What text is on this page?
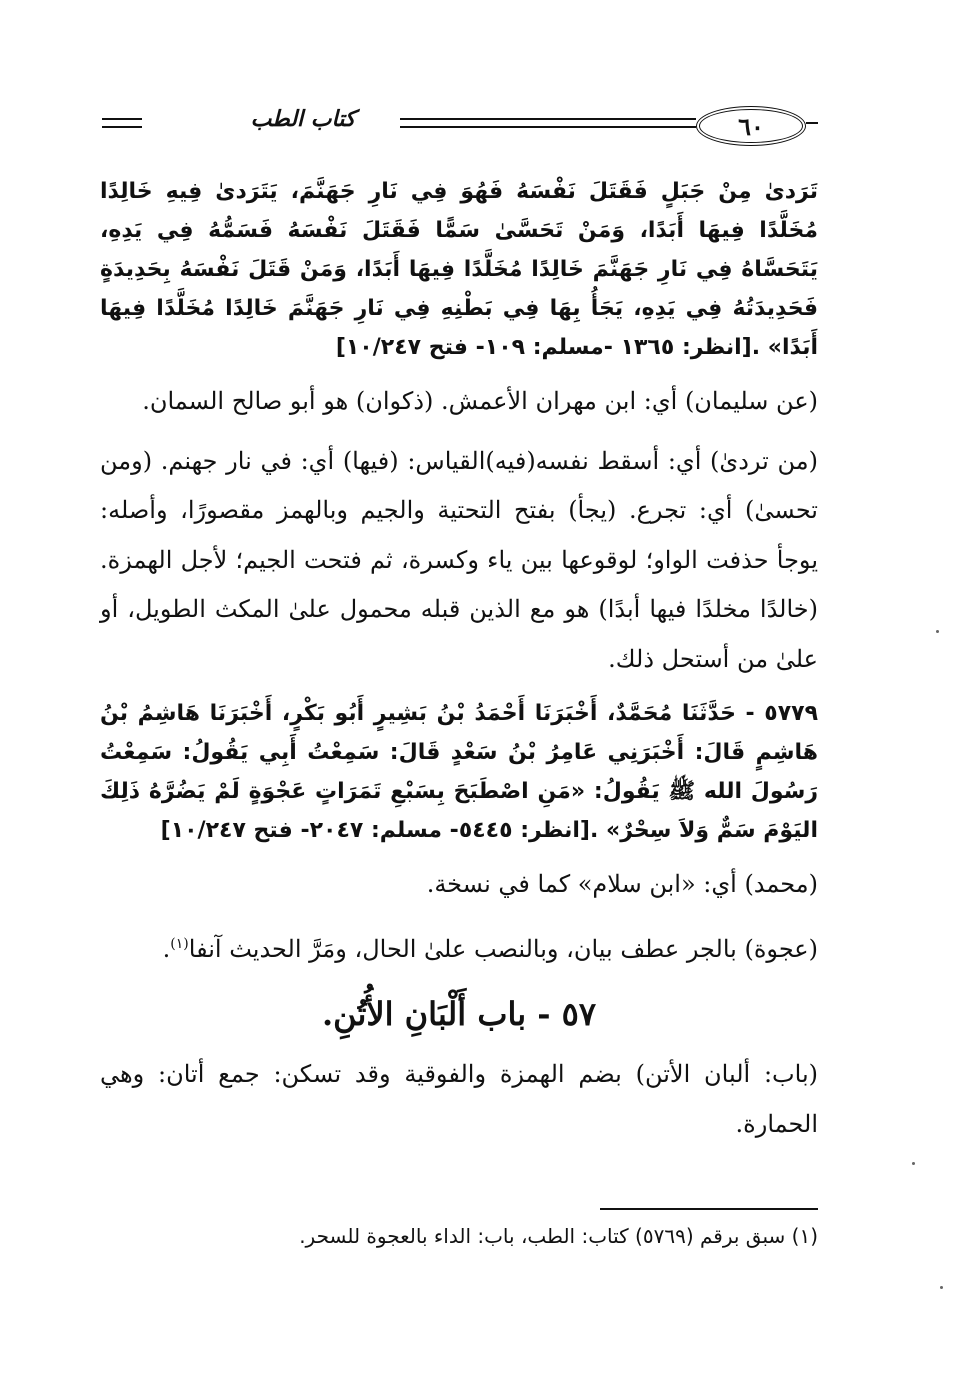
كتاب الطب	٦٠

تَرَدىٰ مِنْ جَبَلٍ فَقَتَلَ نَفْسَهُ فَهُوَ فِي نَارِ جَهَنَّمَ، يَتَرَدىٰ فِيهِ خَالِدًا مُخَلَّدًا فِيهَا أَبَدًا، وَمَنْ تَحَسَّىٰ سَمًّا فَقَتَلَ نَفْسَهُ فَسَمُّهُ فِي يَدِهِ، يَتَحَسَّاهُ فِي نَارِ جَهَنَّمَ خَالِدًا مُخَلَّدًا فِيهَا أَبَدًا، وَمَنْ قَتَلَ نَفْسَهُ بِحَدِيدَةٍ فَحَدِيدَتُهُ فِي يَدِهِ، يَجَأُ بِهَا فِي بَطْنِهِ فِي نَارِ جَهَنَّمَ خَالِدًا مُخَلَّدًا فِيهَا أَبَدًا» .[انظر: ١٣٦٥ -مسلم: ١٠٩- فتح ١٠/٢٤٧]

(عن سليمان) أي: ابن مهران الأعمش. (ذكوان) هو أبو صالح السمان.

(من تردىٰ) أي: أسقط نفسه(فيه)القياس: (فيها) أي: في نار جهنم. (ومن تحسىٰ) أي: تجرع. (يجأ) بفتح التحتية والجيم وبالهمز مقصورًا، وأصله: يوجأ حذفت الواو؛ لوقوعها بين ياء وكسرة، ثم فتحت الجيم؛ لأجل الهمزة. (خالدًا مخلدًا فيها أبدًا) هو مع الذين قبله محمول علىٰ المكث الطويل، أو علىٰ من أستحل ذلك.

٥٧٧٩ - حَدَّثَنَا مُحَمَّدٌ، أَخْبَرَنَا أَحْمَدُ بْنُ بَشِيرٍ أَبُو بَكْرٍ، أَخْبَرَنَا هَاشِمُ بْنُ هَاشِمٍ قَالَ: أَخْبَرَنِي عَامِرُ بْنُ سَعْدٍ قَالَ: سَمِعْتُ أَبِي يَقُولُ: سَمِعْتُ رَسُولَ الله ﷺ يَقُولُ: «مَنِ اصْطَبَحَ بِسَبْعِ تَمَرَاتٍ عَجْوَةٍ لَمْ يَضُرَّهُ ذَلِكَ اليَوْمَ سَمٌّ وَلاَ سِحْرٌ» .[انظر: ٥٤٤٥- مسلم: ٢٠٤٧- فتح ١٠/٢٤٧]

(محمد) أي: «ابن سلام» كما في نسخة.

(عجوة) بالجر عطف بيان، وبالنصب علىٰ الحال، ومَرَّ الحديث آنفا$^{(١)}$.

٥٧ - باب أَلْبَانِ الأُتُنِ.

(باب: ألبان الأتن) بضم الهمزة والفوقية وقد تسكن: جمع أتان: وهي الحمارة.

(١) سبق برقم (٥٧٦٩) كتاب: الطب، باب: الداء بالعجوة للسحر.
